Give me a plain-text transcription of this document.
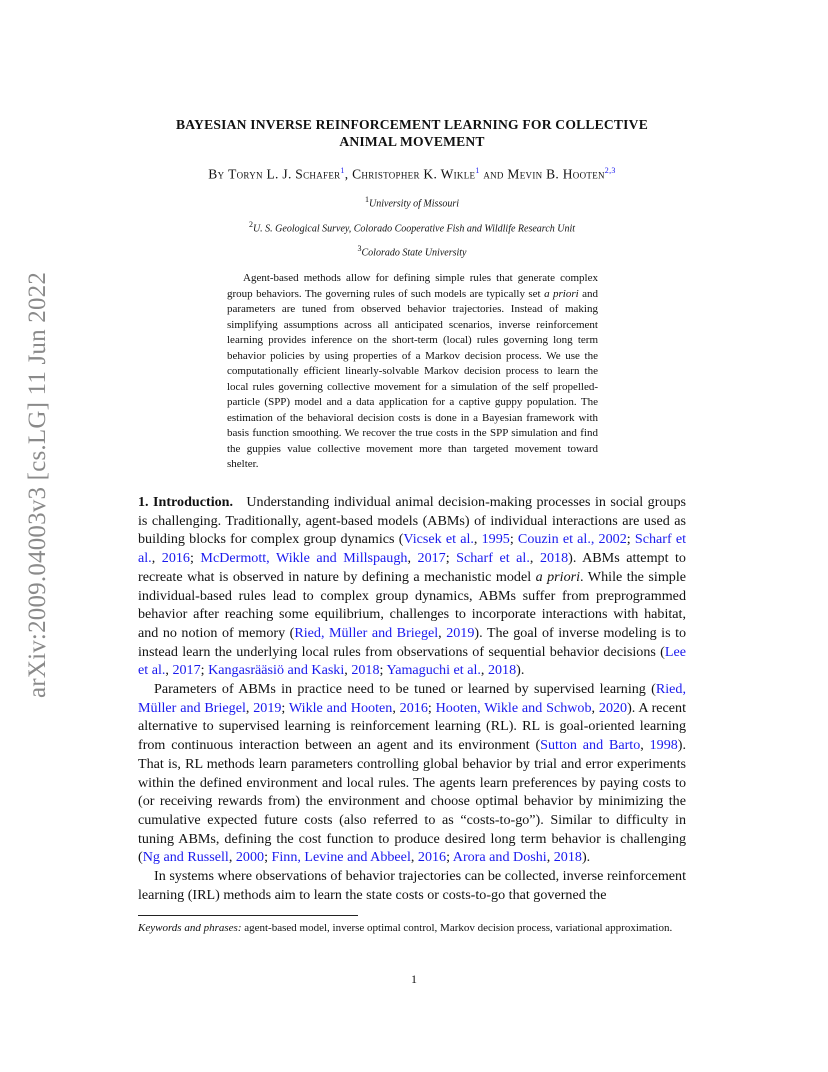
arXiv:2009.04003v3 [cs.LG] 11 Jun 2022
BAYESIAN INVERSE REINFORCEMENT LEARNING FOR COLLECTIVE
ANIMAL MOVEMENT
By Toryn L. J. Schafer$^1$, Christopher K. Wikle$^1$ and Mevin B. Hooten$^{2,3}$
$^1$University of Missouri
$^2$U. S. Geological Survey, Colorado Cooperative Fish and Wildlife Research Unit
$^3$Colorado State University
Agent-based methods allow for defining simple rules that generate complex group behaviors. The governing rules of such models are typically set a priori and parameters are tuned from observed behavior trajectories. Instead of making simplifying assumptions across all anticipated scenarios, inverse reinforcement learning provides inference on the short-term (local) rules governing long term behavior policies by using properties of a Markov decision process. We use the computationally efficient linearly-solvable Markov decision process to learn the local rules governing collective movement for a simulation of the self propelled-particle (SPP) model and a data application for a captive guppy population. The estimation of the behavioral decision costs is done in a Bayesian framework with basis function smoothing. We recover the true costs in the SPP simulation and find the guppies value collective movement more than targeted movement toward shelter.

1. Introduction. Understanding individual animal decision-making processes in social groups is challenging. Traditionally, agent-based models (ABMs) of individual interactions are used as building blocks for complex group dynamics (Vicsek et al., 1995; Couzin et al., 2002; Scharf et al., 2016; McDermott, Wikle and Millspaugh, 2017; Scharf et al., 2018). ABMs attempt to recreate what is observed in nature by defining a mechanistic model a priori. While the simple individual-based rules lead to complex group dynamics, ABMs suffer from preprogrammed behavior after reaching some equilibrium, challenges to incorporate interactions with habitat, and no notion of memory (Ried, Müller and Briegel, 2019). The goal of inverse modeling is to instead learn the underlying local rules from observations of sequential behavior decisions (Lee et al., 2017; Kangasrääsiö and Kaski, 2018; Yamaguchi et al., 2018).

Parameters of ABMs in practice need to be tuned or learned by supervised learning (Ried, Müller and Briegel, 2019; Wikle and Hooten, 2016; Hooten, Wikle and Schwob, 2020). A recent alternative to supervised learning is reinforcement learning (RL). RL is goal-oriented learning from continuous interaction between an agent and its environment (Sutton and Barto, 1998). That is, RL methods learn parameters controlling global behavior by trial and error experiments within the defined environment and local rules. The agents learn preferences by paying costs to (or receiving rewards from) the environment and choose optimal behavior by minimizing the cumulative expected future costs (also referred to as “costs-to-go”). Similar to difficulty in tuning ABMs, defining the cost function to produce desired long term behavior is challenging (Ng and Russell, 2000; Finn, Levine and Abbeel, 2016; Arora and Doshi, 2018).

In systems where observations of behavior trajectories can be collected, inverse reinforcement learning (IRL) methods aim to learn the state costs or costs-to-go that governed the

Keywords and phrases: agent-based model, inverse optimal control, Markov decision process, variational approximation.
1
